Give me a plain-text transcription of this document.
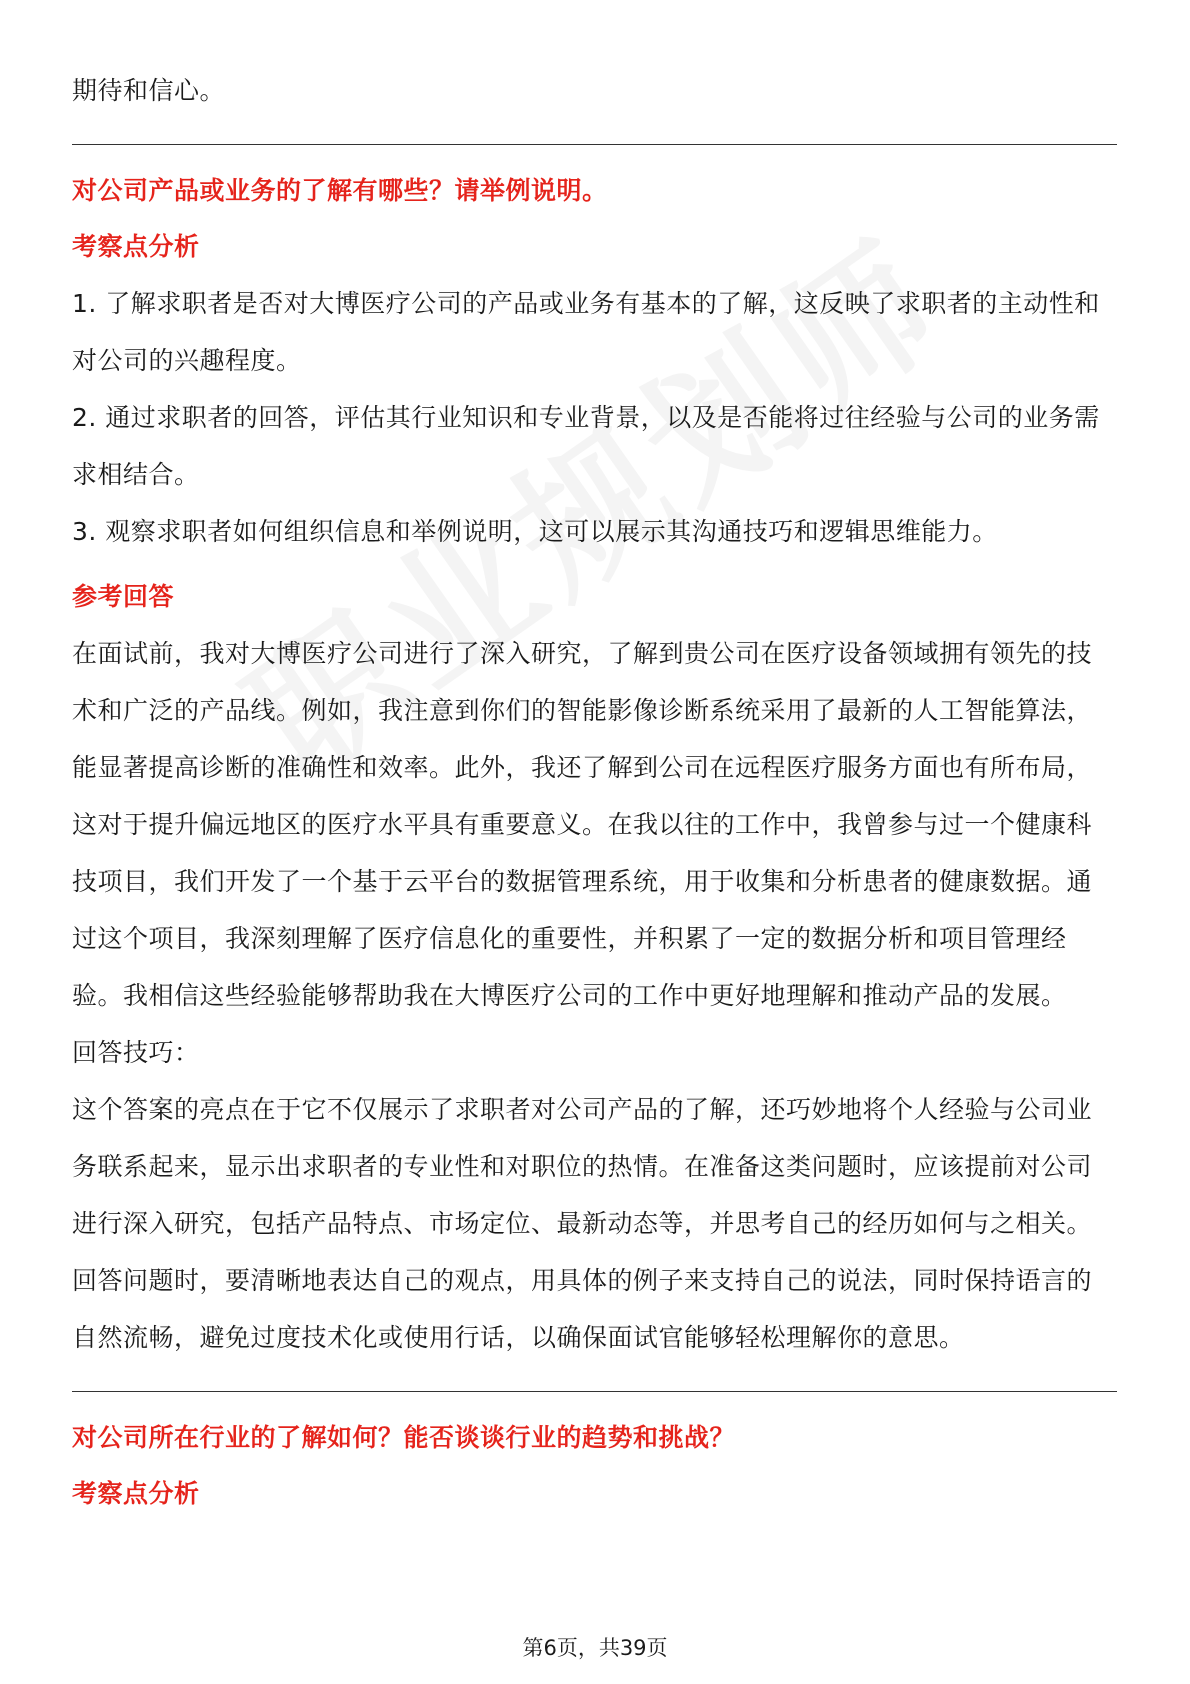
期待和信心。

对公司产品或业务的了解有哪些？请举例说明。

考察点分析

1. 了解求职者是否对大博医疗公司的产品或业务有基本的了解，这反映了求职者的主动性和对公司的兴趣程度。

2. 通过求职者的回答，评估其行业知识和专业背景，以及是否能将过往经验与公司的业务需求相结合。

3. 观察求职者如何组织信息和举例说明，这可以展示其沟通技巧和逻辑思维能力。

参考回答

在面试前，我对大博医疗公司进行了深入研究，了解到贵公司在医疗设备领域拥有领先的技术和广泛的产品线。例如，我注意到你们的智能影像诊断系统采用了最新的人工智能算法，能显著提高诊断的准确性和效率。此外，我还了解到公司在远程医疗服务方面也有所布局，这对于提升偏远地区的医疗水平具有重要意义。在我以往的工作中，我曾参与过一个健康科技项目，我们开发了一个基于云平台的数据管理系统，用于收集和分析患者的健康数据。通过这个项目，我深刻理解了医疗信息化的重要性，并积累了一定的数据分析和项目管理经验。我相信这些经验能够帮助我在大博医疗公司的工作中更好地理解和推动产品的发展。

回答技巧：

这个答案的亮点在于它不仅展示了求职者对公司产品的了解，还巧妙地将个人经验与公司业务联系起来，显示出求职者的专业性和对职位的热情。在准备这类问题时，应该提前对公司进行深入研究，包括产品特点、市场定位、最新动态等，并思考自己的经历如何与之相关。回答问题时，要清晰地表达自己的观点，用具体的例子来支持自己的说法，同时保持语言的自然流畅，避免过度技术化或使用行话，以确保面试官能够轻松理解你的意思。

对公司所在行业的了解如何？能否谈谈行业的趋势和挑战？

考察点分析

第6页，共39页
